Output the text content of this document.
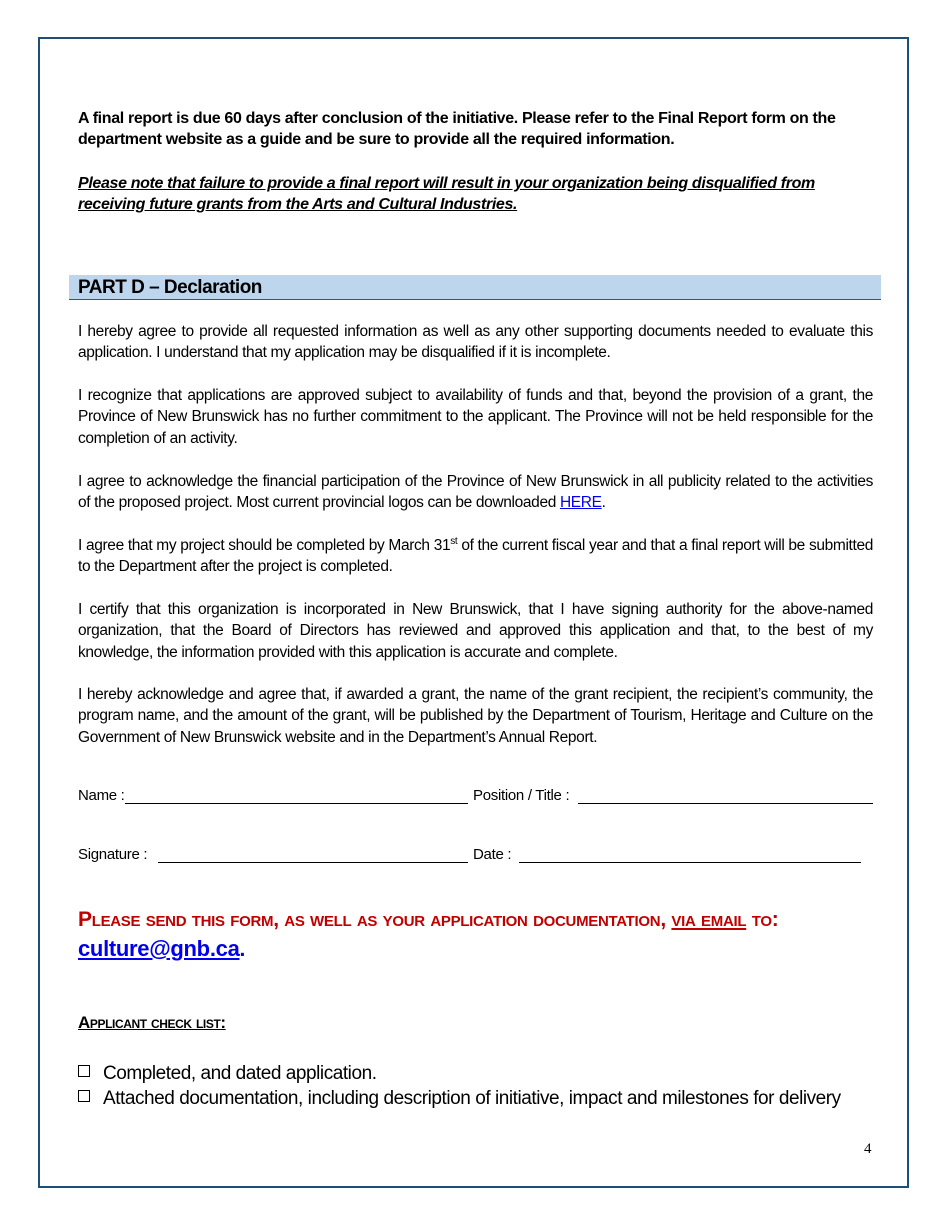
A final report is due 60 days after conclusion of the initiative. Please refer to the Final Report form on the department website as a guide and be sure to provide all the required information.
Please note that failure to provide a final report will result in your organization being disqualified from receiving future grants from the Arts and Cultural Industries.
PART D – Declaration
I hereby agree to provide all requested information as well as any other supporting documents needed to evaluate this application. I understand that my application may be disqualified if it is incomplete.
I recognize that applications are approved subject to availability of funds and that, beyond the provision of a grant, the Province of New Brunswick has no further commitment to the applicant. The Province will not be held responsible for the completion of an activity.
I agree to acknowledge the financial participation of the Province of New Brunswick in all publicity related to the activities of the proposed project. Most current provincial logos can be downloaded HERE.
I agree that my project should be completed by March 31st of the current fiscal year and that a final report will be submitted to the Department after the project is completed.
I certify that this organization is incorporated in New Brunswick, that I have signing authority for the above-named organization, that the Board of Directors has reviewed and approved this application and that, to the best of my knowledge, the information provided with this application is accurate and complete.
I hereby acknowledge and agree that, if awarded a grant, the name of the grant recipient, the recipient’s community, the program name, and the amount of the grant, will be published by the Department of Tourism, Heritage and Culture on the Government of New Brunswick website and in the Department’s Annual Report.
Name :	Position / Title :
Signature :	Date :
Please send this form, as well as your application documentation, via email to:
culture@gnb.ca.
Applicant check list:
Completed, and dated application.
Attached documentation, including description of initiative, impact and milestones for delivery
4
